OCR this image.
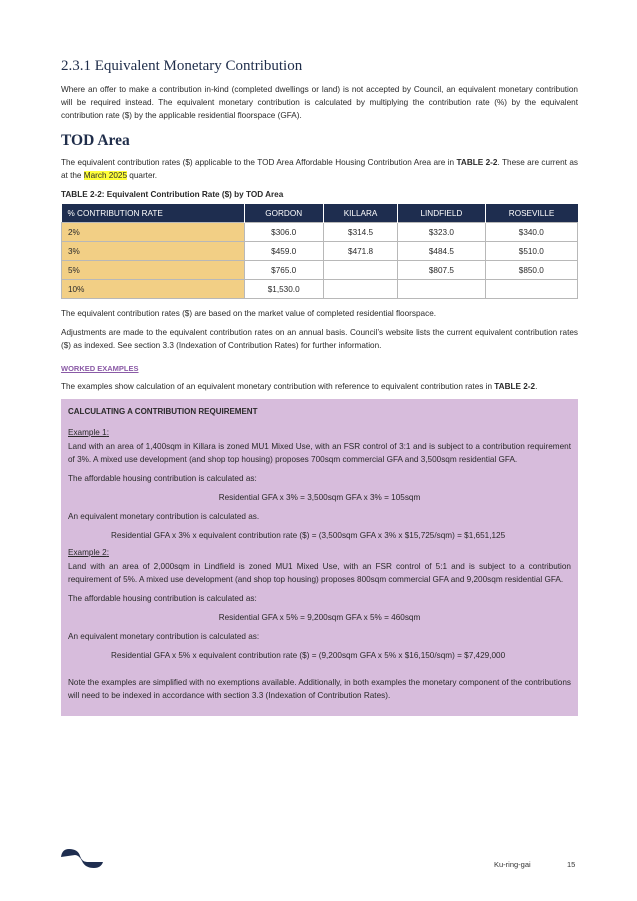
2.3.1 Equivalent Monetary Contribution

Where an offer to make a contribution in-kind (completed dwellings or land) is not accepted by Council, an equivalent monetary contribution will be required instead. The equivalent monetary contribution is calculated by multiplying the contribution rate (%) by the equivalent contribution rate ($) by the applicable residential floorspace (GFA).

TOD Area

The equivalent contribution rates ($) applicable to the TOD Area Affordable Housing Contribution Area are in TABLE 2-2. These are current as at the March 2025 quarter.

TABLE 2-2: Equivalent Contribution Rate ($) by TOD Area
% CONTRIBUTION RATE	GORDON	KILLARA	LINDFIELD	ROSEVILLE
2%	$306.0	$314.5	$323.0	$340.0
3%	$459.0	$471.8	$484.5	$510.0
5%	$765.0		$807.5	$850.0
10%	$1,530.0			

The equivalent contribution rates ($) are based on the market value of completed residential floorspace.

Adjustments are made to the equivalent contribution rates on an annual basis. Council’s website lists the current equivalent contribution rates ($) as indexed. See section 3.3 (Indexation of Contribution Rates) for further information.

WORKED EXAMPLES

The examples show calculation of an equivalent monetary contribution with reference to equivalent contribution rates in TABLE 2-2.

CALCULATING A CONTRIBUTION REQUIREMENT
Example 1:

Land with an area of 1,400sqm in Killara is zoned MU1 Mixed Use, with an FSR control of 3:1 and is subject to a contribution requirement of 3%. A mixed use development (and shop top housing) proposes 700sqm commercial GFA and 3,500sqm residential GFA.

The affordable housing contribution is calculated as:

Residential GFA x 3% = 3,500sqm GFA x 3% = 105sqm

An equivalent monetary contribution is calculated as.

Residential GFA x 3% x equivalent contribution rate ($) = (3,500sqm GFA x 3% x $15,725/sqm) = $1,651,125

Example 2:

Land with an area of 2,000sqm in Lindfield is zoned MU1 Mixed Use, with an FSR control of 5:1 and is subject to a contribution requirement of 5%. A mixed use development (and shop top housing) proposes 800sqm commercial GFA and 9,200sqm residential GFA.

The affordable housing contribution is calculated as:

Residential GFA x 5% = 9,200sqm GFA x 5% = 460sqm

An equivalent monetary contribution is calculated as:

Residential GFA x 5% x equivalent contribution rate ($) = (9,200sqm GFA x 5% x $16,150/sqm) = $7,429,000

Note the examples are simplified with no exemptions available. Additionally, in both examples the monetary component of the contributions will need to be indexed in accordance with section 3.3 (Indexation of Contribution Rates).

Ku-ring-gai	15
